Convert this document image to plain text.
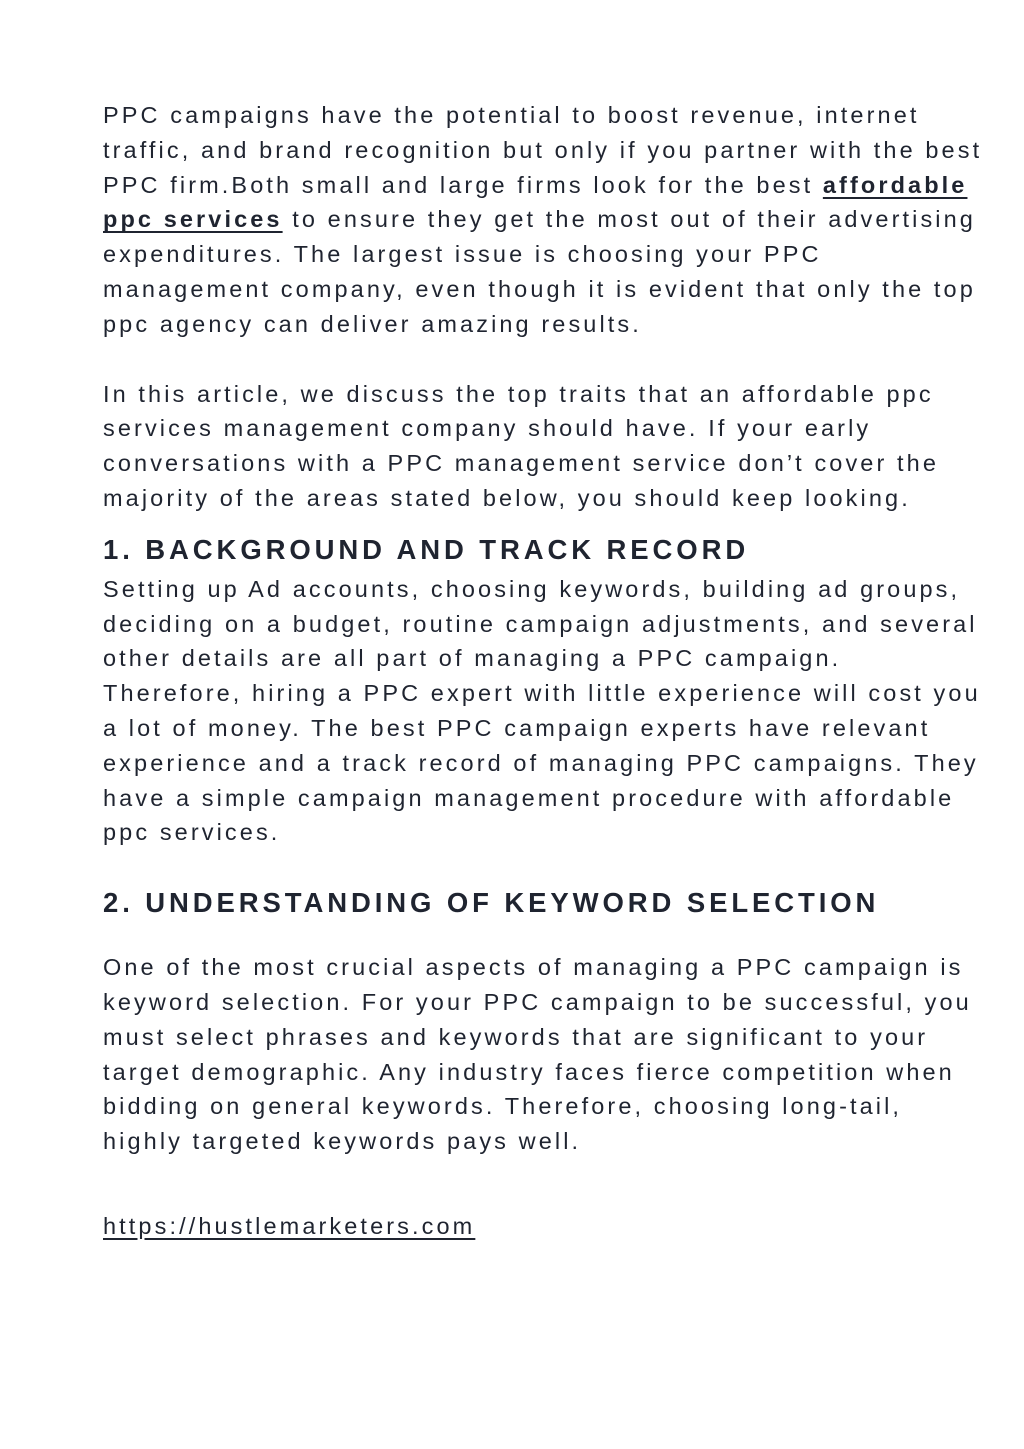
PPC campaigns have the potential to boost revenue, internet traffic, and brand recognition but only if you partner with the best PPC firm.Both small and large firms look for the best affordable ppc services to ensure they get the most out of their advertising expenditures. The largest issue is choosing your PPC management company, even though it is evident that only the top ppc agency can deliver amazing results.

In this article, we discuss the top traits that an affordable ppc services management company should have. If your early conversations with a PPC management service don’t cover the majority of the areas stated below, you should keep looking.

1. BACKGROUND AND TRACK RECORD

Setting up Ad accounts, choosing keywords, building ad groups, deciding on a budget, routine campaign adjustments, and several other details are all part of managing a PPC campaign. Therefore, hiring a PPC expert with little experience will cost you a lot of money. The best PPC campaign experts have relevant experience and a track record of managing PPC campaigns. They have a simple campaign management procedure with affordable ppc services.

2. UNDERSTANDING OF KEYWORD SELECTION

One of the most crucial aspects of managing a PPC campaign is keyword selection. For your PPC campaign to be successful, you must select phrases and keywords that are significant to your target demographic. Any industry faces fierce competition when bidding on general keywords. Therefore, choosing long-tail, highly targeted keywords pays well.

https://hustlemarketers.com
